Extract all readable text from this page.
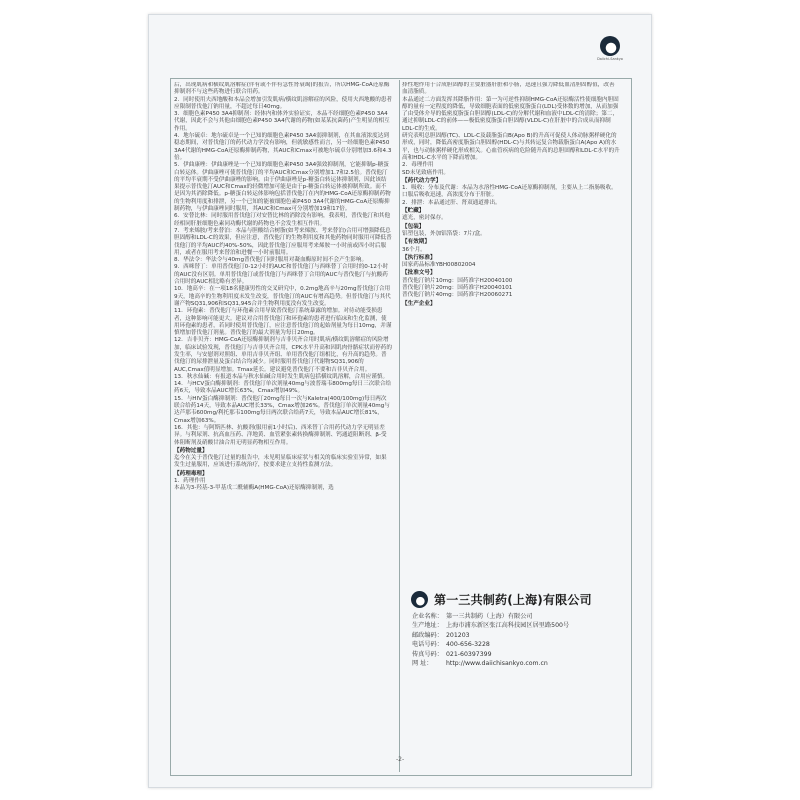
Daiichi-Sankyo

后，出现肌病和横纹肌溶解症(伴有或不伴有急性肾衰竭)的报告，所以HMG-CoA还原酶抑制剂不与这些药物进行联合用药。

2．同时使用夫西地酸和本品会增加引发肌病/横纹肌溶解症的风险，使用夫西地酸的患者应限制普伐他汀钠用量，不超过每日40mg。

3．细胞色素P450 3A4抑制剂：经体内和体外实验证实，本品不经细胞色素P450 3A4代谢，因此不会与其他由细胞色素P450 3A4代谢的药物(如某某抗菌药)产生明显的相互作用。

4．地尔硫卓：地尔硫卓是一个已知的细胞色素P450 3A4弱抑制剂，在其血液浓度达到稳态期间，对普伐他汀的药代动力学没有影响，但就敏感性而言，另一经细胞色素P450 3A4代谢的HMG-CoA还原酶抑制药物，其AUC和Cmax可被地尔硫卓分别增加3.6和4.3倍。

5．伊曲康唑：伊曲康唑是一个已知的细胞色素P450 3A4强效抑制剂，它能抑制p-糖蛋白转运体。伊曲康唑可使普伐他汀的平均AUC和Cmax分别增加1.7和2.5倍。普伐他汀的平均半衰期不受伊曲康唑的影响。由于伊曲康唑是p-糖蛋白转运体抑制剂，因此该结果提示普伐他汀AUC和Cmax的轻微增加可能是由于p-糖蛋白转运体被抑制所致。而不是因为其消除降低。p-糖蛋白转运体影响包括普伐他汀在内的HMG-CoA还原酶抑制药物的生物利用度和排泄，另一个已知的能被细胞色素P450 3A4代谢的HMG-CoA还原酶抑制药物，与伊曲康唑同时服用，其AUC和Cmax可分别增加19和17倍。

6．安替比林：同时服用普伐他汀对安替比林的消除没有影响，我表明，普伐他汀和其他经相同肝脏细胞色素同功酶代谢的药物也不会发生相互作用。

7．考来烯胺/考来替泊：本品与胆酸结合树脂(如考来烯胺、考来替泊)合用可增强降低总胆固醇和LDL-C的效果，但应注意，普伐他汀的生物利用度和其他药物同时服用可降低普伐他汀的平均AUC约40%-50%，因此普伐他汀应服用考来烯胺一小时前或四小时后服用，或者在服用考来替泊和进餐一小时前服用。

8．华法令：华法令与40mg普伐他汀同时服用对凝血酶原时间不会产生影响。

9．西咪替丁：单用普伐他汀0-12小时的AUC和普伐他汀与西咪替丁合用时的0-12小时的AUC没有区别。单用普伐他汀或普伐他汀与西咪替丁合用的AUC与普伐他汀与抗酸药合用时的AUC相比略有差异。

10．地高辛：在一项18名健康男性的交叉研究中，0.2mg地高辛与20mg普伐他汀合用9天，地高辛的生物利用度未发生改变，普伐他汀的AUC有增高趋势。但普伐他汀与其代谢产物SQ31,906和SQ31,945合并生物利用度没有发生改变。

11．环孢素：普伐他汀与环孢素合用导致普伐他汀系统暴露的增加。对待动能受损患者，这种影响可能更大。建议对合用普伐他汀和环孢素的患者进行临床和生化监测，使用环孢素的患者，若同时使用普伐他汀，应注意普伐他汀的起始剂量为每日10mg，并谨慎增加普伐他汀剂量。普伐他汀的最大剂量为每日20mg。

12．吉非贝齐：HMG-CoA还原酶抑制剂与吉非贝齐合用时肌病/横纹肌溶解症的风险增加，临床试验发现，普伐他汀与吉非贝齐合用，CPK水平升高和因肌肉骨骼症状而停药的发生率，与安慰剂对照组、单用吉非贝齐组、单用普伐他汀组相比，有升高的趋势。普伐他汀的尿排泄量及蛋白结合均减少。同时服用普伐他汀代谢物SQ31,906的AUC,Cmax值明显增加。Tmax延长。建议避免普伐他汀不要和吉非贝齐合用。

13．秋水仙碱：有报道本品与秋水仙碱合用时发生肌病包括横纹肌溶解，合用应谨慎。

14．与HCV蛋白酶抑制剂：普伐他汀单次剂量40mg与波普瑞韦800mg每日三次联合给药6天，导致本品AUC增长63%，Cmax增加49%。

15．与HIV蛋白酶抑制剂：普伐他汀20mg每日一次与Kaletra(400/100mg)每日两次联合给药14天，导致本品AUC增长33%，Cmax增加26%。普伐他汀单次剂量40mg与达芦那韦600mg/利托那韦100mg每日两次联合给药7天，导致本品AUC增长81%，Cmax增加63%。

16．其他：与阿斯匹林、抗酸剂(服用前1小时后)、西米替丁合用药代动力学无明显差异。与利尿剂、抗高血压药、洋地黄、血管紧张素转换酶抑制剂、钙通道阻断剂、β-受体阻断剂及硝酸甘油合用无明显药物相互作用。

【药物过量】

迄今在关于普伐他汀过量的报告中，未见明显临床症状与相关的临床实验室异常，如果发生过量服用，应该进行系统治疗，按要求建立支持性监测方法。

【药理毒理】

1．药理作用

本品为3-羟基-3-甲基戊二酰辅酶A(HMG-CoA)还原酶抑制剂，选

择性地作用于合成胆固醇的主要脏器肝脏和小肠，迅速且强力降低血清胆固醇值，改善血清脂质。

本品通过二方面发挥其降脂作用：第一为可逆性抑制HMG-CoA还原酶活性使细胞内胆固醇的量有一定程度的降低，导致细胞表面的低密度脂蛋白(LDL)受体数的增加，从而加强了由受体介导的低密度脂蛋白胆固醇(LDL-C)的分解代谢和血液中LDL-C的清除；第二，通过抑制LDL-C的前体——极低密度脂蛋白胆固醇(VLDL-C)在肝脏中的合成从而抑制LDL-C的生成。

研究表明总胆固醇(TC)、LDL-C及载脂蛋白B(Apo B)的升高可促使人体动脉粥样硬化的形成，同时，降低高密度脂蛋白胆固醇(HDL-C)与其转运复合物载脂蛋白A(Apo A)的水平，也与动脉粥样硬化形成相关。心血管疾病的危险随升高的总胆固醇和LDL-C水平的升高和HDL-C水平的下降而增加。

2．毒理作用

SD未见致癌作用。

【药代动力学】

1．吸收：分布及代谢：本品为水溶性HMG-CoA还原酶抑制剂，主要从上二指肠吸收。口服后吸收迅速，高浓度分布于肝脏。

2．排泄：本品通过肝、肾双通道排出。

【贮藏】

遮光，密封保存。

【包装】

铝塑包装，外加铝箔袋：7片/盒。

【有效期】

36个月。

【执行标准】

国家药品标准YBH00802004

【批准文号】

普伐他汀钠片10mg：国药准字H20040100

普伐他汀钠片20mg：国药准字H20040101

普伐他汀钠片40mg：国药准字H20060271

【生产企业】

第一三共制药(上海)有限公司
企业名称： 第一三共制药（上海）有限公司
生产地址： 上海市浦东新区张江高科技园区居里路500号
邮政编码： 201203
电话号码： 400-656-3228
传真号码： 021-60397399
网 址：	http://www.daiichisankyo.com.cn
-2-
